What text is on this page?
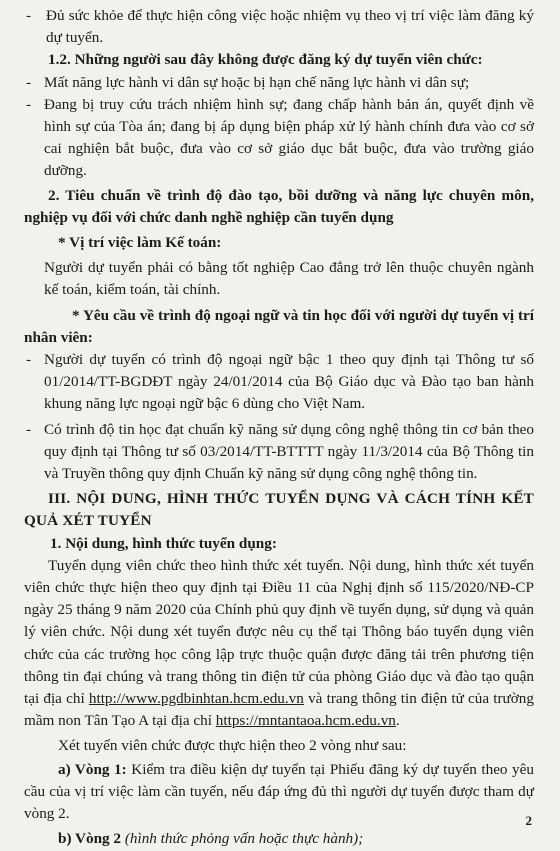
- Đủ sức khỏe để thực hiện công việc hoặc nhiệm vụ theo vị trí việc làm đăng ký dự tuyển.

1.2. Những người sau đây không được đăng ký dự tuyển viên chức:

- Mất năng lực hành vi dân sự hoặc bị hạn chế năng lực hành vi dân sự;

- Đang bị truy cứu trách nhiệm hình sự; đang chấp hành bản án, quyết định về hình sự của Tòa án; đang bị áp dụng biện pháp xử lý hành chính đưa vào cơ sở cai nghiện bắt buộc, đưa vào cơ sở giáo dục bắt buộc, đưa vào trường giáo dưỡng.

2. Tiêu chuẩn về trình độ đào tạo, bồi dưỡng và năng lực chuyên môn, nghiệp vụ đối với chức danh nghề nghiệp cần tuyển dụng

* Vị trí việc làm Kế toán:

Người dự tuyển phải có bằng tốt nghiệp Cao đẳng trở lên thuộc chuyên ngành kế toán, kiểm toán, tài chính.

* Yêu cầu về trình độ ngoại ngữ và tin học đối với người dự tuyển vị trí nhân viên:

- Người dự tuyển có trình độ ngoại ngữ bậc 1 theo quy định tại Thông tư số 01/2014/TT-BGDĐT ngày 24/01/2014 của Bộ Giáo dục và Đào tạo ban hành khung năng lực ngoại ngữ bậc 6 dùng cho Việt Nam.

- Có trình độ tin học đạt chuẩn kỹ năng sử dụng công nghệ thông tin cơ bản theo quy định tại Thông tư số 03/2014/TT-BTTTT ngày 11/3/2014 của Bộ Thông tin và Truyền thông quy định Chuẩn kỹ năng sử dụng công nghệ thông tin.

III. NỘI DUNG, HÌNH THỨC TUYỂN DỤNG VÀ CÁCH TÍNH KẾT QUẢ XÉT TUYỂN

1. Nội dung, hình thức tuyển dụng:

Tuyển dụng viên chức theo hình thức xét tuyển. Nội dung, hình thức xét tuyển viên chức thực hiện theo quy định tại Điều 11 của Nghị định số 115/2020/NĐ-CP ngày 25 tháng 9 năm 2020 của Chính phủ quy định về tuyển dụng, sử dụng và quản lý viên chức. Nội dung xét tuyển được nêu cụ thể tại Thông báo tuyển dụng viên chức của các trường học công lập trực thuộc quận được đăng tải trên phương tiện thông tin đại chúng và trang thông tin điện tử của phòng Giáo dục và đào tạo quận tại địa chỉ http://www.pgdbinhtan.hcm.edu.vn và trang thông tin điện tử của trường mầm non Tân Tạo A tại địa chỉ https://mntantaoa.hcm.edu.vn.

Xét tuyển viên chức được thực hiện theo 2 vòng như sau:

a) Vòng 1: Kiểm tra điều kiện dự tuyển tại Phiếu đăng ký dự tuyển theo yêu cầu của vị trí việc làm cần tuyển, nếu đáp ứng đủ thì người dự tuyển được tham dự vòng 2.

b) Vòng 2 (hình thức phỏng vấn hoặc thực hành);

2
